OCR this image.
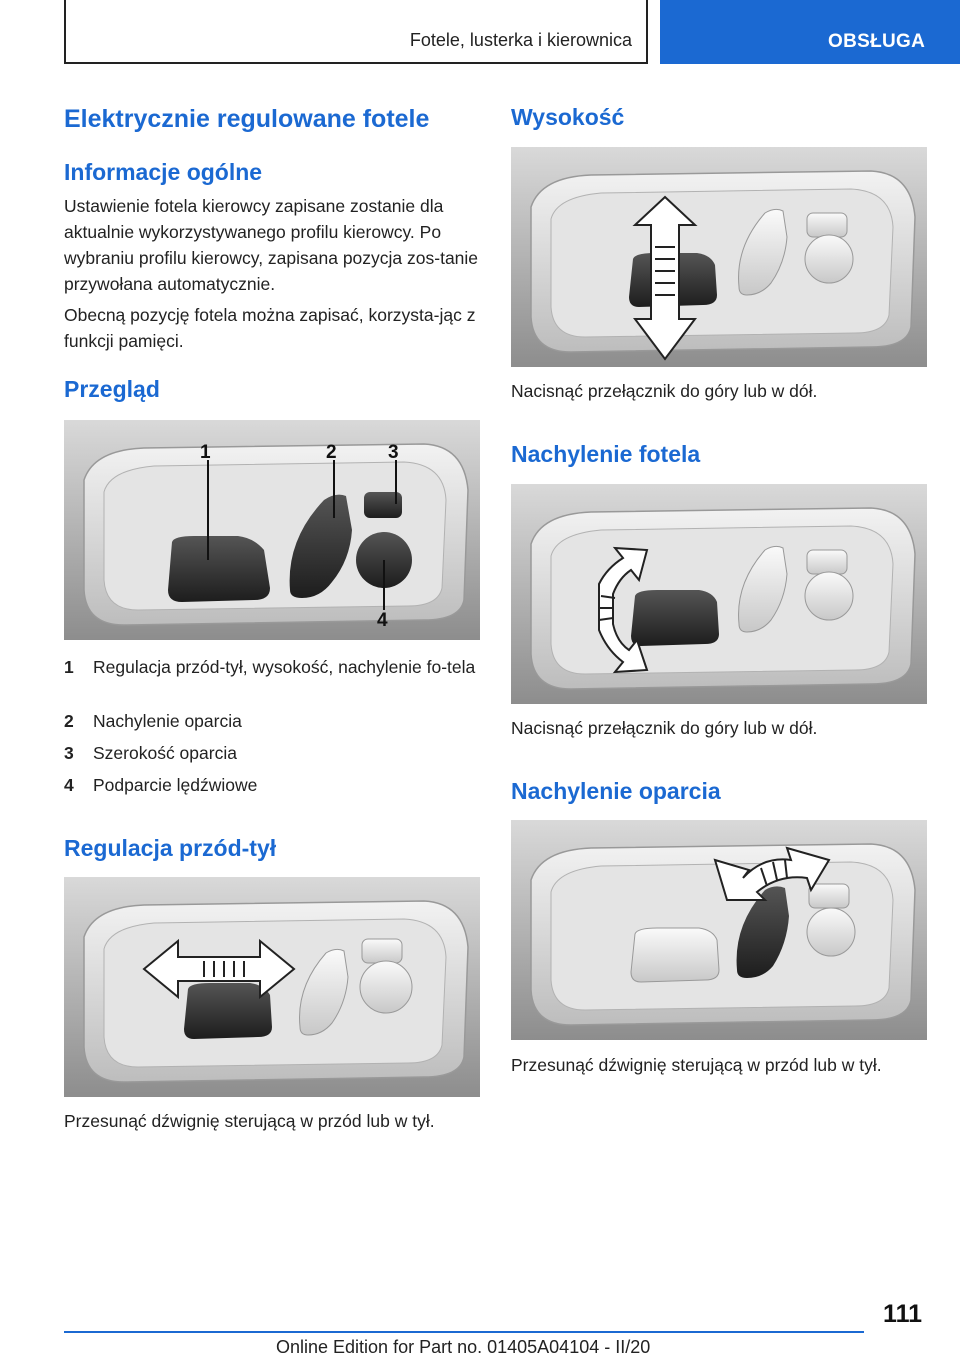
Fotele, lusterka i kierownica	OBSŁUGA
Elektrycznie regulowane fotele
Informacje ogólne

Ustawienie fotela kierowcy zapisane zostanie dla aktualnie wykorzystywanego profilu kierowcy. Po wybraniu profilu kierowcy, zapisana pozycja zos-tanie przywołana automatycznie.

Obecną pozycję fotela można zapisać, korzysta-jąc z funkcji pamięci.

Przegląd
1	2	3
4
1	Regulacja przód-tył, wysokość, nachylenie fo-tela
2	Nachylenie oparcia
3	Szerokość oparcia
4	Podparcie lędźwiowe
Regulacja przód-tył

Przesunąć dźwignię sterującą w przód lub w tył.

Wysokość

Nacisnąć przełącznik do góry lub w dół.

Nachylenie fotela

Nacisnąć przełącznik do góry lub w dół.

Nachylenie oparcia

Przesunąć dźwignię sterującą w przód lub w tył.

111
Online Edition for Part no. 01405A04104 - II/20
